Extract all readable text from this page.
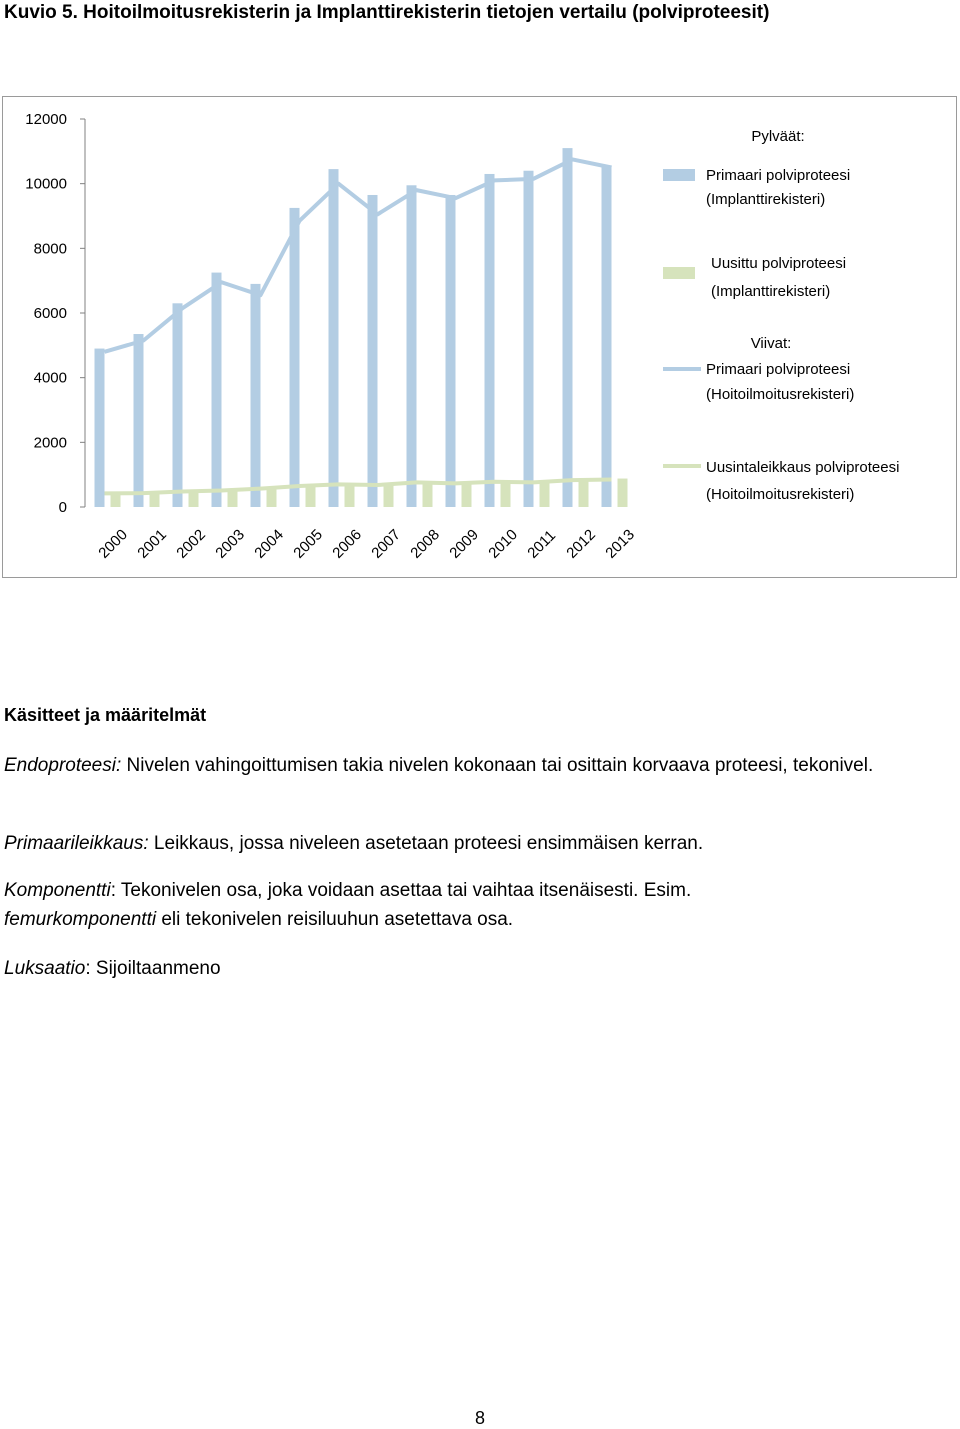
Kuvio 5. Hoitoilmoitusrekisterin ja Implanttirekisterin tietojen vertailu (polviproteesit)
0
2000
4000
6000
8000
10000
12000
2000 2001 2002 2003 2004 2005 2006 2007 2008 2009 2010 2011 2012 2013
Pylväät:
Primaari polviproteesi
(Implanttirekisteri)
Uusittu polviproteesi
(Implanttirekisteri)
Viivat:
Primaari polviproteesi
(Hoitoilmoitusrekisteri)
Uusintaleikkaus polviproteesi
(Hoitoilmoitusrekisteri)
Käsitteet ja määritelmät
Endoproteesi: Nivelen vahingoittumisen takia nivelen kokonaan tai osittain korvaava proteesi, tekonivel.
Primaarileikkaus: Leikkaus, jossa niveleen asetetaan proteesi ensimmäisen kerran.
Komponentti: Tekonivelen osa, joka voidaan asettaa tai vaihtaa itsenäisesti. Esim.
femurkomponentti eli tekonivelen reisiluuhun asetettava osa.
Luksaatio: Sijoiltaanmeno
8
